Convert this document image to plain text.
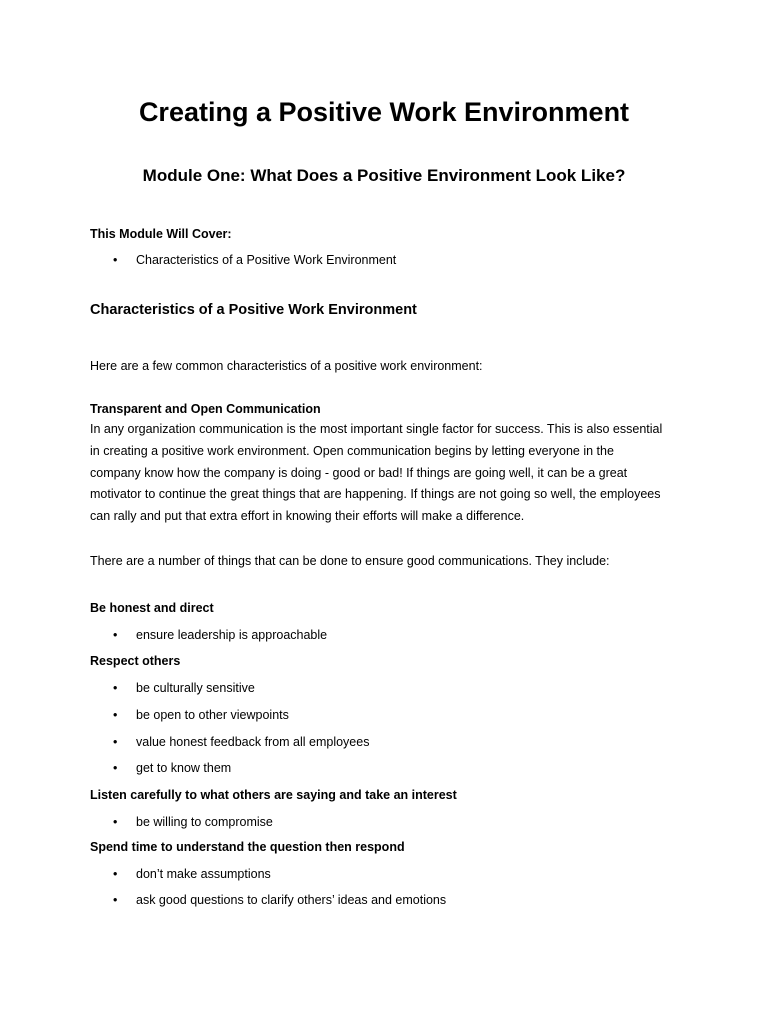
Creating a Positive Work Environment
Module One: What Does a Positive Environment Look Like?
This Module Will Cover:
• Characteristics of a Positive Work Environment
Characteristics of a Positive Work Environment
Here are a few common characteristics of a positive work environment:
Transparent and Open Communication
In any organization communication is the most important single factor for success. This is also essential
in creating a positive work environment. Open communication begins by letting everyone in the
company know how the company is doing - good or bad! If things are going well, it can be a great
motivator to continue the great things that are happening. If things are not going so well, the employees
can rally and put that extra effort in knowing their efforts will make a difference.
There are a number of things that can be done to ensure good communications. They include:
Be honest and direct
• ensure leadership is approachable
Respect others
• be culturally sensitive
• be open to other viewpoints
• value honest feedback from all employees
• get to know them
Listen carefully to what others are saying and take an interest
• be willing to compromise
Spend time to understand the question then respond
• don’t make assumptions
• ask good questions to clarify others’ ideas and emotions
